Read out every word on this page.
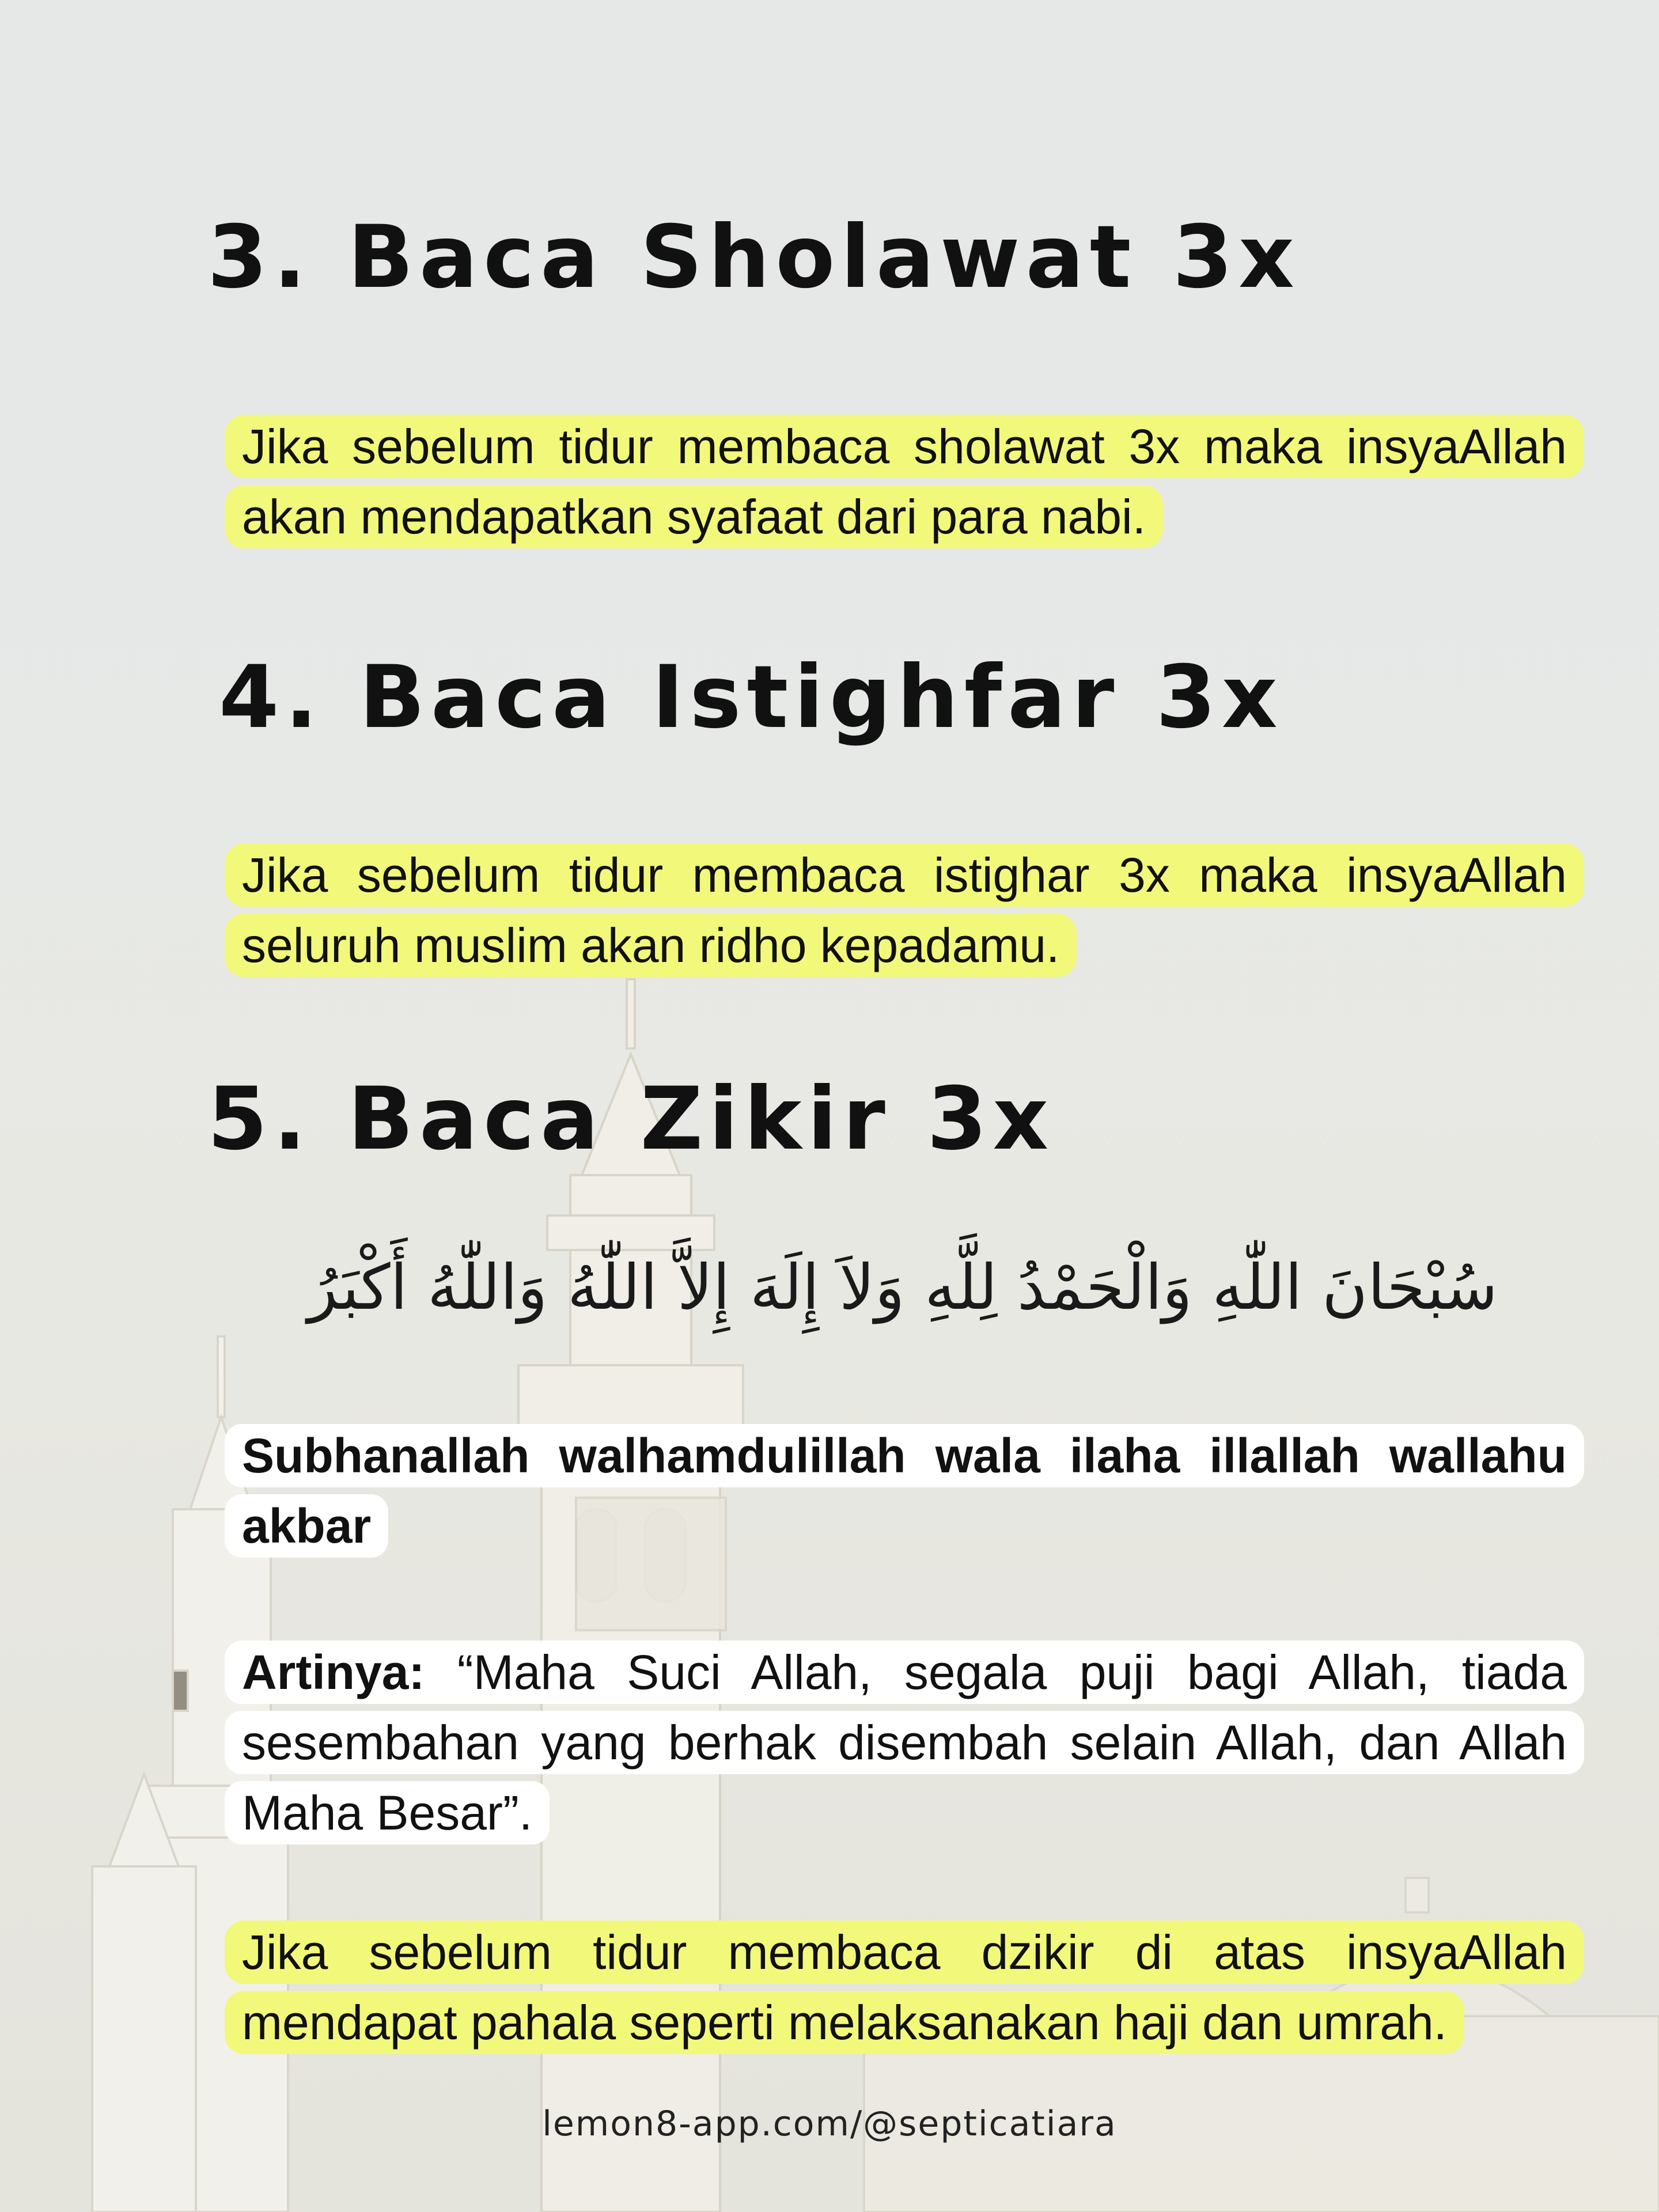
3. Baca Sholawat 3x
Jika sebelum tidur membaca sholawat 3x maka insyaAllah akan mendapatkan syafaat dari para nabi.
4. Baca Istighfar 3x
Jika sebelum tidur membaca istighar 3x maka insyaAllah seluruh muslim akan ridho kepadamu.
5. Baca Zikir 3x

سُبْحَانَ اللّٰهِ وَالْحَمْدُ لِلَّهِ وَلاَ إِلَهَ إِلاَّ اللّٰهُ وَاللّٰهُ أَكْبَرُ

Subhanallah walhamdulillah wala ilaha illallah wallahu akbar
Artinya: “Maha Suci Allah, segala puji bagi Allah, tiada sesembahan yang berhak disembah selain Allah, dan Allah Maha Besar”.
Jika sebelum tidur membaca dzikir di atas insyaAllah mendapat pahala seperti melaksanakan haji dan umrah.
lemon8-app.com/@septicatiara
